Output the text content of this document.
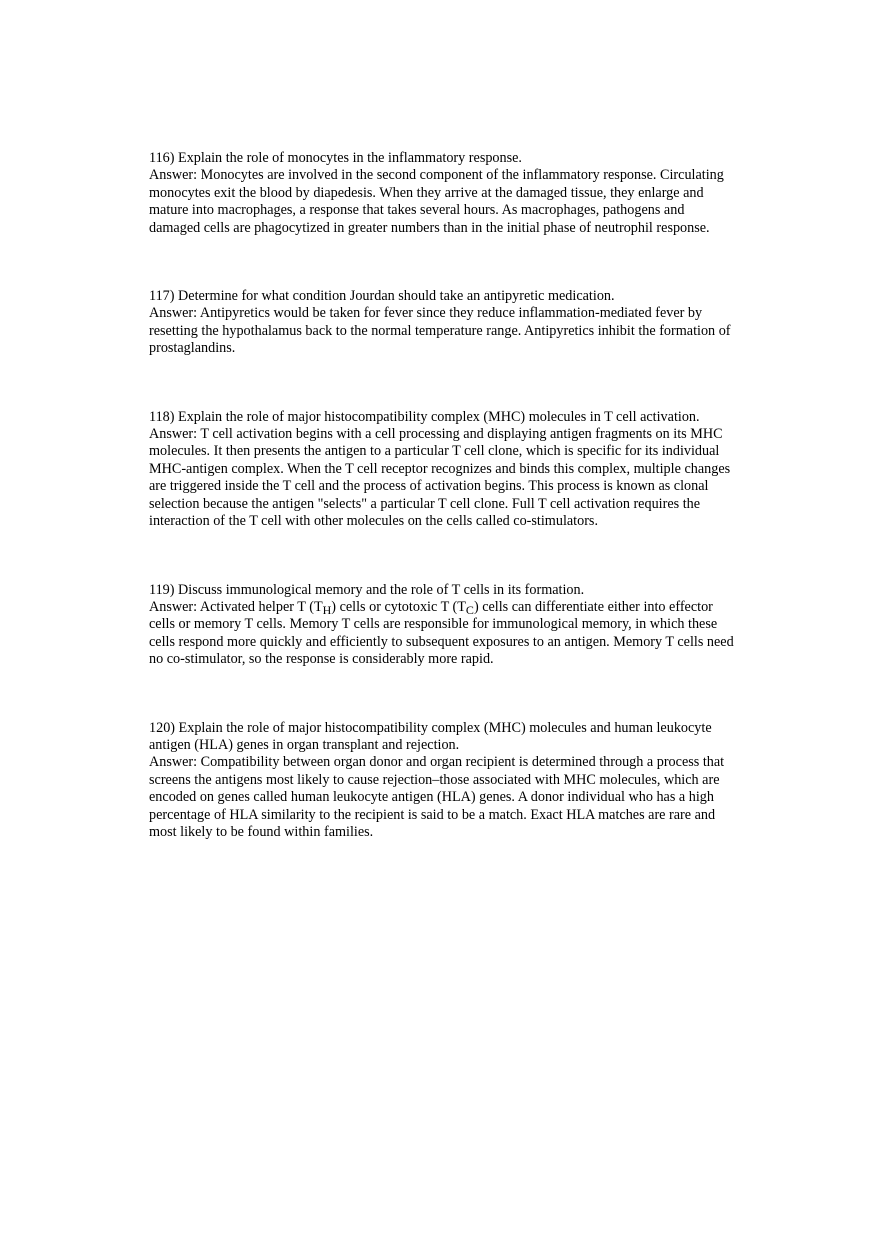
116) Explain the role of monocytes in the inflammatory response.

Answer: Monocytes are involved in the second component of the inflammatory response. Circulating monocytes exit the blood by diapedesis. When they arrive at the damaged tissue, they enlarge and mature into macrophages, a response that takes several hours. As macrophages, pathogens and damaged cells are phagocytized in greater numbers than in the initial phase of neutrophil response.

117) Determine for what condition Jourdan should take an antipyretic medication.

Answer: Antipyretics would be taken for fever since they reduce inflammation-mediated fever by resetting the hypothalamus back to the normal temperature range. Antipyretics inhibit the formation of prostaglandins.

118) Explain the role of major histocompatibility complex (MHC) molecules in T cell activation.

Answer: T cell activation begins with a cell processing and displaying antigen fragments on its MHC molecules. It then presents the antigen to a particular T cell clone, which is specific for its individual MHC-antigen complex. When the T cell receptor recognizes and binds this complex, multiple changes are triggered inside the T cell and the process of activation begins. This process is known as clonal selection because the antigen "selects" a particular T cell clone. Full T cell activation requires the interaction of the T cell with other molecules on the cells called co-stimulators.

119) Discuss immunological memory and the role of T cells in its formation.

Answer: Activated helper T $(T_H)$ cells or cytotoxic T $(T_C)$ cells can differentiate either into effector cells or memory T cells. Memory T cells are responsible for immunological memory, in which these cells respond more quickly and efficiently to subsequent exposures to an antigen. Memory T cells need no co-stimulator, so the response is considerably more rapid.

120) Explain the role of major histocompatibility complex (MHC) molecules and human leukocyte antigen (HLA) genes in organ transplant and rejection.

Answer: Compatibility between organ donor and organ recipient is determined through a process that screens the antigens most likely to cause rejection–those associated with MHC molecules, which are encoded on genes called human leukocyte antigen (HLA) genes. A donor individual who has a high percentage of HLA similarity to the recipient is said to be a match. Exact HLA matches are rare and most likely to be found within families.
